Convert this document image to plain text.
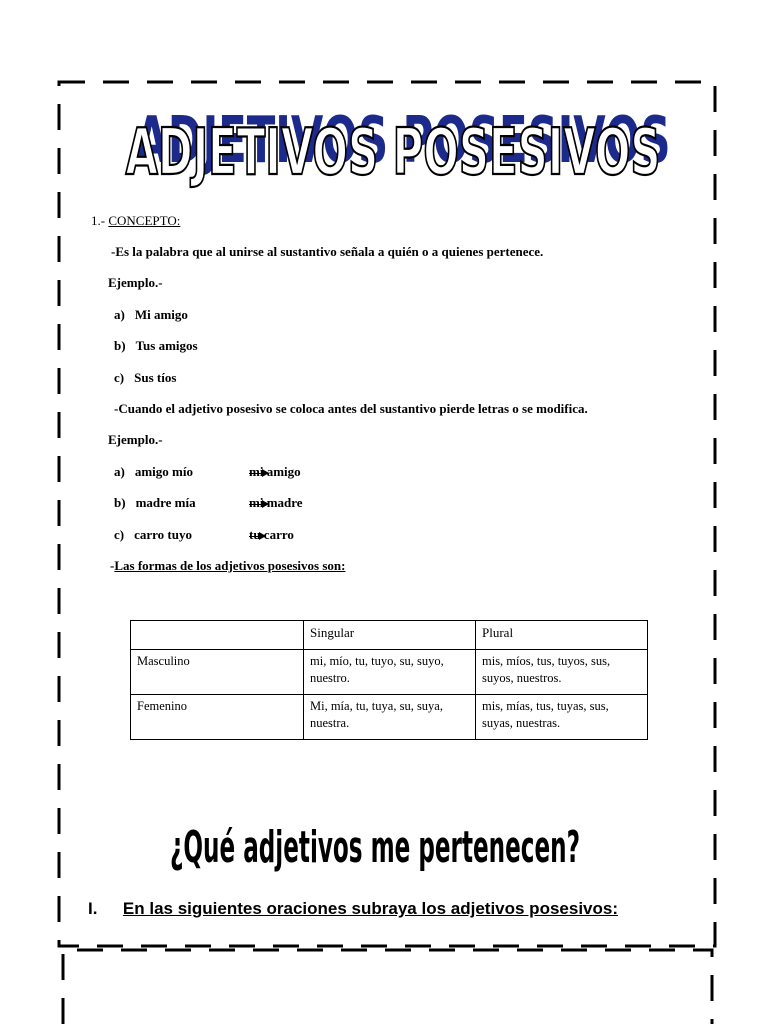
ADJETIVOS POSESIVOS
ADJETIVOS POSESIVOS
1.- CONCEPTO:
-Es la palabra que al unirse al sustantivo señala a quién o a quienes pertenece.
Ejemplo.-
a) Mi amigo
b) Tus amigos
c) Sus tíos
-Cuando el adjetivo posesivo se coloca antes del sustantivo pierde letras o se modifica.
Ejemplo.-
a) amigo mío	mi amigo
b) madre mía	mi madre
c) carro tuyo	tu carro
-Las formas de los adjetivos posesivos son:
	Singular	Plural
Masculino	mi, mío, tu, tuyo, su, suyo, nuestro.	mis, míos, tus, tuyos, sus, suyos, nuestros.
Femenino	Mi, mía, tu, tuya, su, suya, nuestra.	mis, mías, tus, tuyas, sus, suyas, nuestras.
¿Qué adjetivos me pertenecen?
I. En las siguientes oraciones subraya los adjetivos posesivos:
